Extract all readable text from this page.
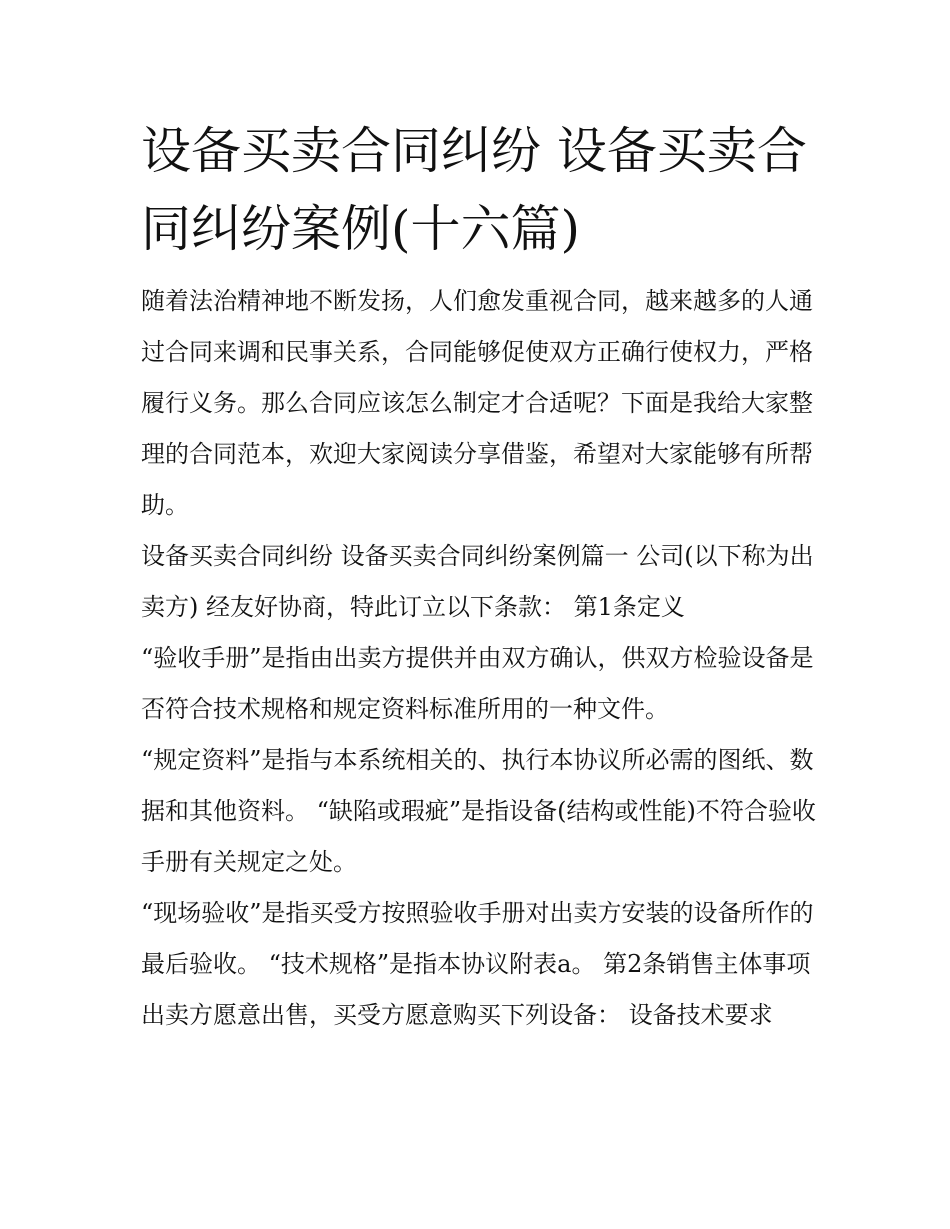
设备买卖合同纠纷 设备买卖合同纠纷案例(十六篇)

随着法治精神地不断发扬，人们愈发重视合同，越来越多的人通过合同来调和民事关系，合同能够促使双方正确行使权力，严格履行义务。那么合同应该怎么制定才合适呢？下面是我给大家整理的合同范本，欢迎大家阅读分享借鉴，希望对大家能够有所帮助。

设备买卖合同纠纷 设备买卖合同纠纷案例篇一 公司(以下称为出卖方) 经友好协商，特此订立以下条款： 第1条定义

“验收手册”是指由出卖方提供并由双方确认，供双方检验设备是否符合技术规格和规定资料标准所用的一种文件。

“规定资料”是指与本系统相关的、执行本协议所必需的图纸、数据和其他资料。 “缺陷或瑕疵”是指设备(结构或性能)不符合验收手册有关规定之处。

“现场验收”是指买受方按照验收手册对出卖方安装的设备所作的最后验收。 “技术规格”是指本协议附表a。 第2条销售主体事项

出卖方愿意出售，买受方愿意购买下列设备： 设备技术要求
